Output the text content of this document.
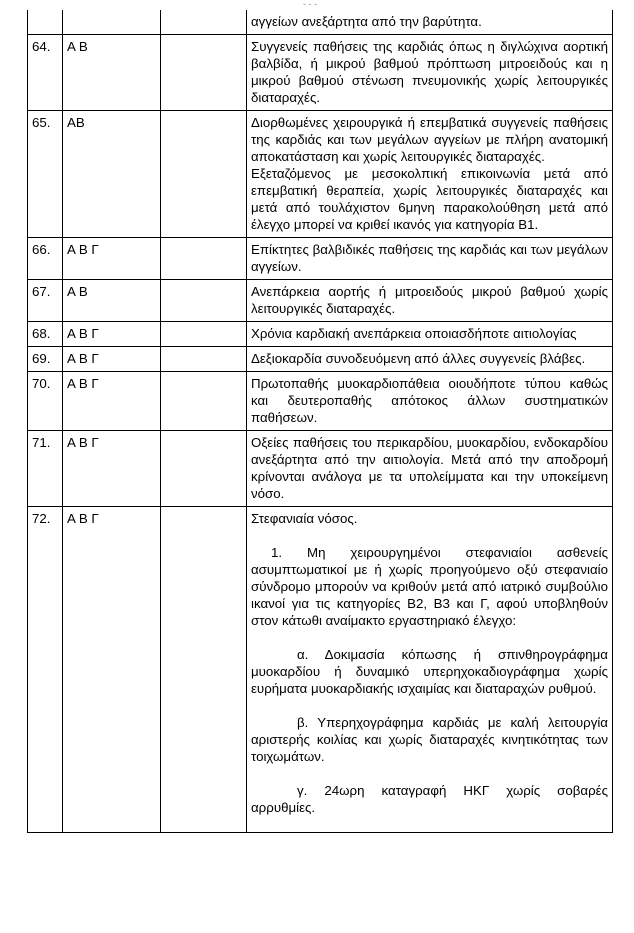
- - -

			αγγείων ανεξάρτητα από την βαρύτητα.

64.	Α Β		Συγγενείς παθήσεις της καρδιάς όπως η διγλώχινα αορτική βαλβίδα, ή μικρού βαθμού πρόπτωση μιτροειδούς και η μικρού βαθμού στένωση πνευμονικής χωρίς λειτουργικές διαταραχές.

65.	ΑΒ		Διορθωμένες χειρουργικά ή επεμβατικά συγγενείς παθήσεις της καρδιάς και των μεγάλων αγγείων με πλήρη ανατομική αποκατάσταση και χωρίς λειτουργικές διαταραχές.

Εξεταζόμενος με μεσοκολπική επικοινωνία μετά από επεμβατική θεραπεία, χωρίς λειτουργικές διαταραχές και μετά από τουλάχιστον 6μηνη παρακολούθηση μετά από έλεγχο μπορεί να κριθεί ικανός για κατηγορία Β1.

66.	Α Β Γ		Επίκτητες βαλβιδικές παθήσεις της καρδιάς και των μεγάλων αγγείων.

67.	Α Β		Ανεπάρκεια αορτής ή μιτροειδούς μικρού βαθμού χωρίς λειτουργικές διαταραχές.

68.	Α Β Γ		Χρόνια καρδιακή ανεπάρκεια οποιασδήποτε αιτιολογίας

69.	Α Β Γ		Δεξιοκαρδία συνοδευόμενη από άλλες συγγενείς βλάβες.

70.	Α Β Γ		Πρωτοπαθής μυοκαρδιοπάθεια οιουδήποτε τύπου καθώς και δευτεροπαθής απότοκος άλλων συστηματικών παθήσεων.

71.	Α Β Γ		Οξείες παθήσεις του περικαρδίου, μυοκαρδίου, ενδοκαρδίου ανεξάρτητα από την αιτιολογία. Μετά από την αποδρομή κρίνονται ανάλογα με τα υπολείμματα και την υποκείμενη νόσο.

72.	Α Β Γ		Στεφανιαία νόσος.

1. Μη χειρουργημένοι στεφανιαίοι ασθενείς ασυμπτωματικοί με ή χωρίς προηγούμενο οξύ στεφανιαίο σύνδρομο μπορούν να κριθούν μετά από ιατρικό συμβούλιο ικανοί για τις κατηγορίες Β2, Β3 και Γ, αφού υποβληθούν στον κάτωθι αναίμακτο εργαστηριακό έλεγχο:

α. Δοκιμασία κόπωσης ή σπινθηρογράφημα μυοκαρδίου ή δυναμικό υπερηχοκαδιογράφημα χωρίς ευρήματα μυοκαρδιακής ισχαιμίας και διαταραχών ρυθμού.

β. Υπερηχογράφημα καρδιάς με καλή λειτουργία αριστερής κοιλίας και χωρίς διαταραχές κινητικότητας των τοιχωμάτων.

γ. 24ωρη καταγραφή ΗΚΓ χωρίς σοβαρές αρρυθμίες.
